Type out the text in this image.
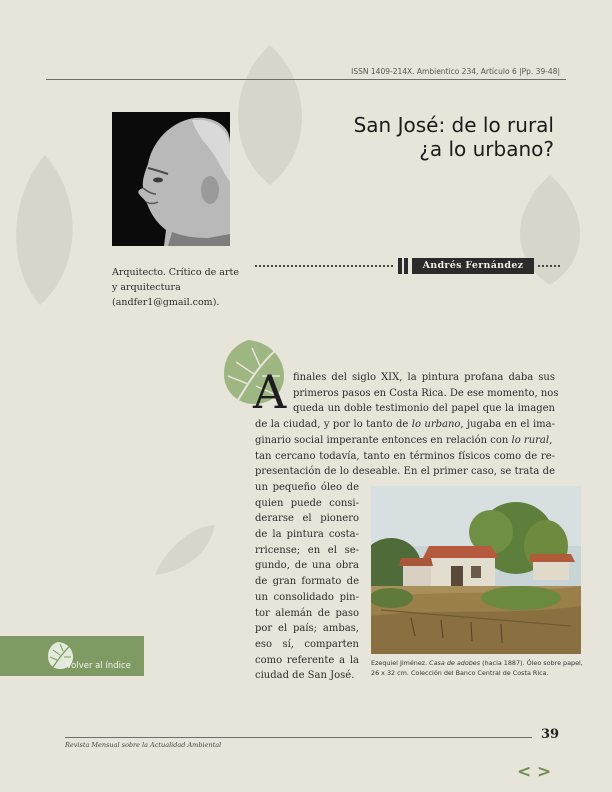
ISSN 1409-214X. Ambientico 234, Artículo 6 |Pp. 39-48|
San José: de lo rural
¿a lo urbano?
Arquitecto. Crítico de arte y arquitectura (andfer1@gmail.com).
Andrés Fernández
A finales del siglo XIX, la pintura profana daba sus
primeros pasos en Costa Rica. De ese momento, nos
queda un doble testimonio del papel que la imagen
de la ciudad, y por lo tanto de lo urbano, jugaba en el ima-
ginario social imperante entonces en relación con lo rural,
tan cercano todavía, tanto en términos físicos como de re-
presentación de lo deseable. En el primer caso, se trata de
un pequeño óleo de
quien puede consi-
derarse el pionero
de la pintura costa-
rricense; en el se-
gundo, de una obra
de gran formato de
un consolidado pin-
tor alemán de paso
por el país; ambas,
eso sí, comparten
como referente a la
ciudad de San José.
Ezequiel Jiménez. Casa de adobes (hacia 1887). Óleo sobre papel, 26 x 32 cm. Colección del Banco Central de Costa Rica.
Volver al índice
39
Revista Mensual sobre la Actualidad Ambiental
< >
